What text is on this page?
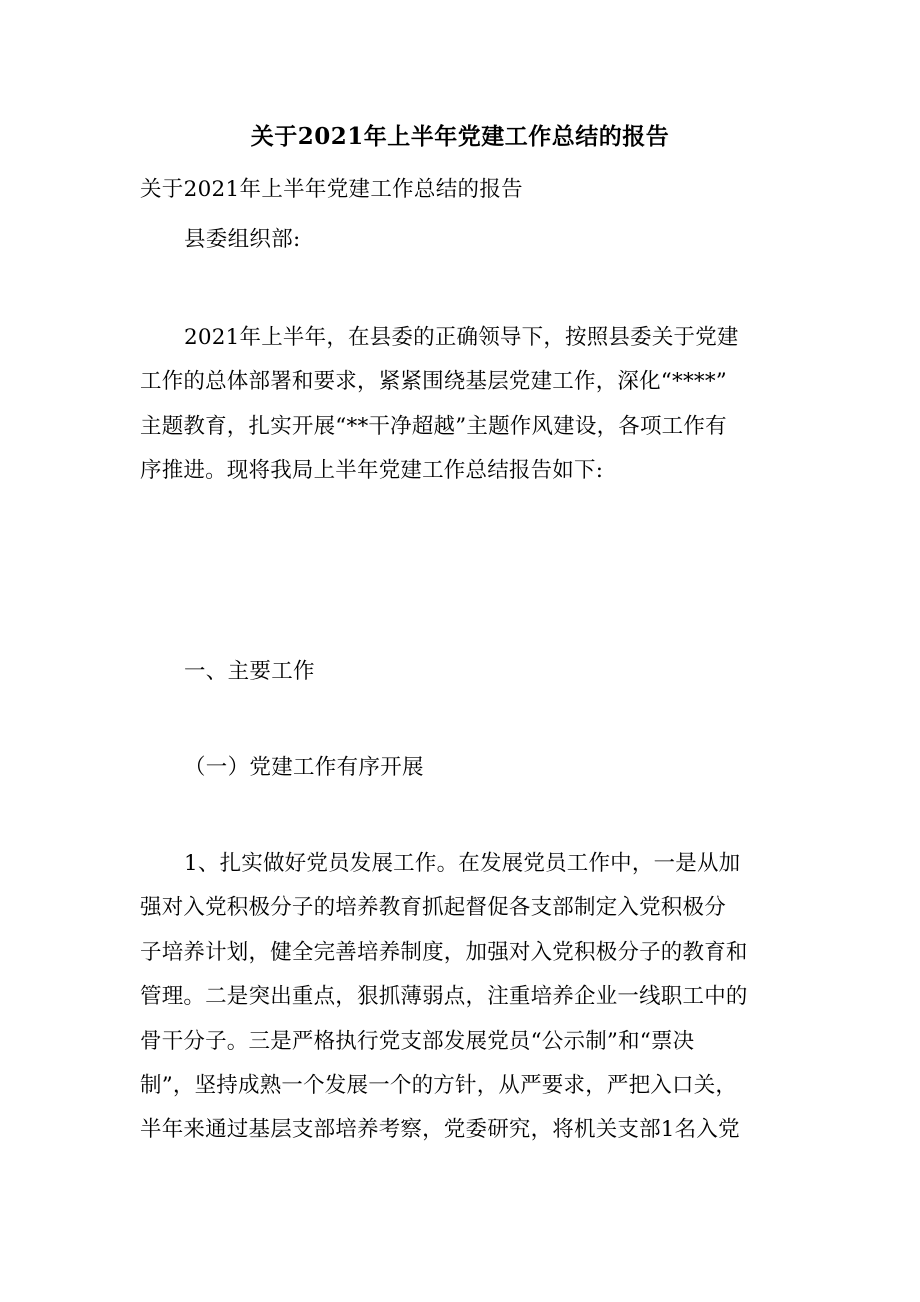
关于2021年上半年党建工作总结的报告
关于2021年上半年党建工作总结的报告
县委组织部:
2021年上半年，在县委的正确领导下，按照县委关于党建
工作的总体部署和要求，紧紧围绕基层党建工作，深化“****”
主题教育，扎实开展“**干净超越”主题作风建设，各项工作有
序推进。现将我局上半年党建工作总结报告如下:
一、主要工作
（一）党建工作有序开展
1、扎实做好党员发展工作。在发展党员工作中，一是从加
强对入党积极分子的培养教育抓起督促各支部制定入党积极分
子培养计划，健全完善培养制度，加强对入党积极分子的教育和
管理。二是突出重点，狠抓薄弱点，注重培养企业一线职工中的
骨干分子。三是严格执行党支部发展党员“公示制”和“票决
制”，坚持成熟一个发展一个的方针，从严要求，严把入口关，
半年来通过基层支部培养考察，党委研究，将机关支部1名入党
